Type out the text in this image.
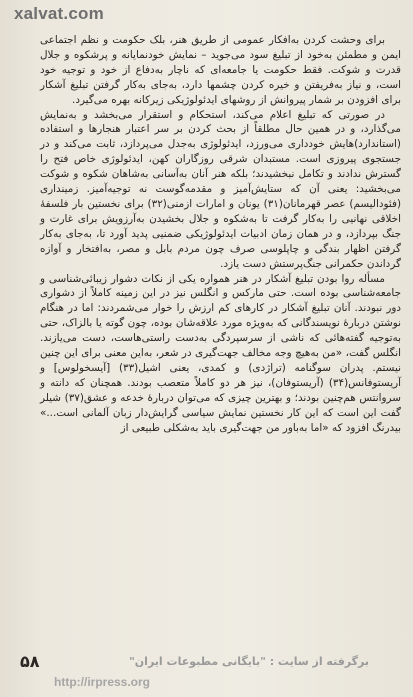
xalvat.com

برای وحشت کردن به‌افکار عمومی از طریق هنر، بلک حکومت و نظم اجتماعی ایمن و مطمئن به‌خود از تبلیغ سود می‌جوید – نمایش خودنمایانه و پرشکوه و جلال قدرت و شوکت. فقط حکومت یا جامعه‌ای که ناچار به‌دفاع از خود و توجیه خود است، و نیاز به‌فریفتن و خیره کردن چشمها دارد، به‌جای به‌کار گرفتن تبلیغ آشکار برای افزودن بر شمار پیروانش از روشهای ایدئولوژیکی زیرکانه بهره می‌گیرد.

در صورتی که تبلیغ اعلام می‌کند، استحکام و استقرار می‌بخشد و به‌نمایش می‌گذارد، و در همین حال مطلقاً از بحث کردن بر سر اعتبار هنجارها و استفاده (استاندارد)هایش خودداری می‌ورزد، ایدئولوژی به‌جدل می‌پردازد، ثابت می‌کند و در جستجوی پیروزی است. مستبدان شرقی روزگاران کهن، ایدئولوژی خاص فتح را گسترش ندادند و تکامل نبخشیدند؛ بلکه هنر آنان به‌آسانی به‌شاهان شکوه و شوکت می‌بخشید: یعنی آن که ستایش‌آمیز و مقدمه‌گوست نه توجیه‌آمیز. زمینداری (فئودالیسم) عصر قهرمانان(۳۱) یونان و امارات ازمنی(۳۲) برای نخستین بار فلسفهٔ اخلاقی نهانیی را به‌کار گرفت تا به‌شکوه و جلال بخشیدن به‌آرزویش برای غارت و جنگ بپردازد، و در همان زمان ادبیات ایدئولوژیکی ضمنیی پدید آورد تا، به‌جای به‌کار گرفتن اظهار بندگی و چاپلوسی صرف چون مردم بابل و مصر، به‌افتخار و آوازه گرداندن حکمرانی جنگ‌پرستش دست یازد.

مسأله روا بودن تبلیغ آشکار در هنر همواره یکی از نکات دشوار زیبائی‌شناسی و جامعه‌شناسی بوده است. حتی مارکس و انگلس نیز در این زمینه کاملاً از دشواری دور نبودند. آنان تبلیغ آشکار در کارهای کم ارزش را خوار می‌شمردند: اما در هنگام نوشتن دربارهٔ نویسندگانی که به‌ویژه مورد علاقه‌شان بوده، چون گوته یا بالزاک، حتی به‌توجیه گفته‌هائی که ناشی از سرسپردگی به‌دست راستی‌هاست، دست می‌یازند. انگلس گفت، «من به‌هیچ وجه مخالف جهت‌گیری در شعر، به‌این معنی برای این چنین نیستم. پدران سوگنامه (تراژدی) و کمدی، یعنی اشیل(۳۳) [آیسخولوس] و آریستوفانس(۳۴) (آریستوفان)، نیز هر دو کاملاً متعصب بودند. همچنان که دانته و سروانتس هم‌چنین بودند؛ و بهترین چیزی که می‌توان دربارهٔ خدعه و عشق(۳۷) شیلر گفت این است که این کار نخستین نمایش سیاسی گرایش‌دار زبان آلمانی است...» بیدرنگ افزود که «اما به‌باور من جهت‌گیری باید به‌شکلی طبیعی از

۵۸	برگرفته از سایت : "بایگانی مطبوعات ایران"
http://irpress.org
